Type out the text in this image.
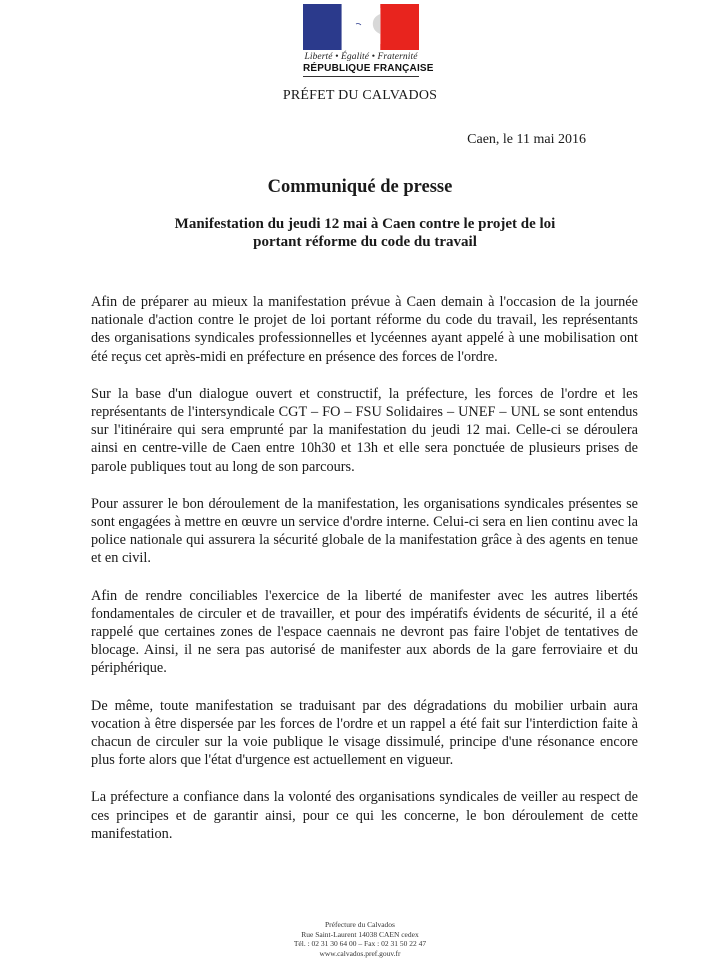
Liberté • Égalité • Fraternité
RÉPUBLIQUE FRANÇAISE
PRÉFET DU CALVADOS
Caen, le 11 mai 2016
Communiqué de presse
Manifestation du jeudi 12 mai à Caen contre le projet de loi
portant réforme du code du travail

Afin de préparer au mieux la manifestation prévue à Caen demain à l'occasion de la journée nationale d'action contre le projet de loi portant réforme du code du travail, les représentants des organisations syndicales professionnelles et lycéennes ayant appelé à une mobilisation ont été reçus cet après-midi en préfecture en présence des forces de l'ordre.

Sur la base d'un dialogue ouvert et constructif, la préfecture, les forces de l'ordre et les représentants de l'intersyndicale CGT – FO – FSU Solidaires – UNEF – UNL se sont entendus sur l'itinéraire qui sera emprunté par la manifestation du jeudi 12 mai. Celle-ci se déroulera ainsi en centre-ville de Caen entre 10h30 et 13h et elle sera ponctuée de plusieurs prises de parole publiques tout au long de son parcours.

Pour assurer le bon déroulement de la manifestation, les organisations syndicales présentes se sont engagées à mettre en œuvre un service d'ordre interne. Celui-ci sera en lien continu avec la police nationale qui assurera la sécurité globale de la manifestation grâce à des agents en tenue et en civil.

Afin de rendre conciliables l'exercice de la liberté de manifester avec les autres libertés fondamentales de circuler et de travailler, et pour des impératifs évidents de sécurité, il a été rappelé que certaines zones de l'espace caennais ne devront pas faire l'objet de tentatives de blocage. Ainsi, il ne sera pas autorisé de manifester aux abords de la gare ferroviaire et du périphérique.

De même, toute manifestation se traduisant par des dégradations du mobilier urbain aura vocation à être dispersée par les forces de l'ordre et un rappel a été fait sur l'interdiction faite à chacun de circuler sur la voie publique le visage dissimulé, principe d'une résonance encore plus forte alors que l'état d'urgence est actuellement en vigueur.

La préfecture a confiance dans la volonté des organisations syndicales de veiller au respect de ces principes et de garantir ainsi, pour ce qui les concerne, le bon déroulement de cette manifestation.

Préfecture du Calvados
Rue Saint-Laurent 14038 CAEN cedex
Tél. : 02 31 30 64 00 – Fax : 02 31 50 22 47
www.calvados.pref.gouv.fr
